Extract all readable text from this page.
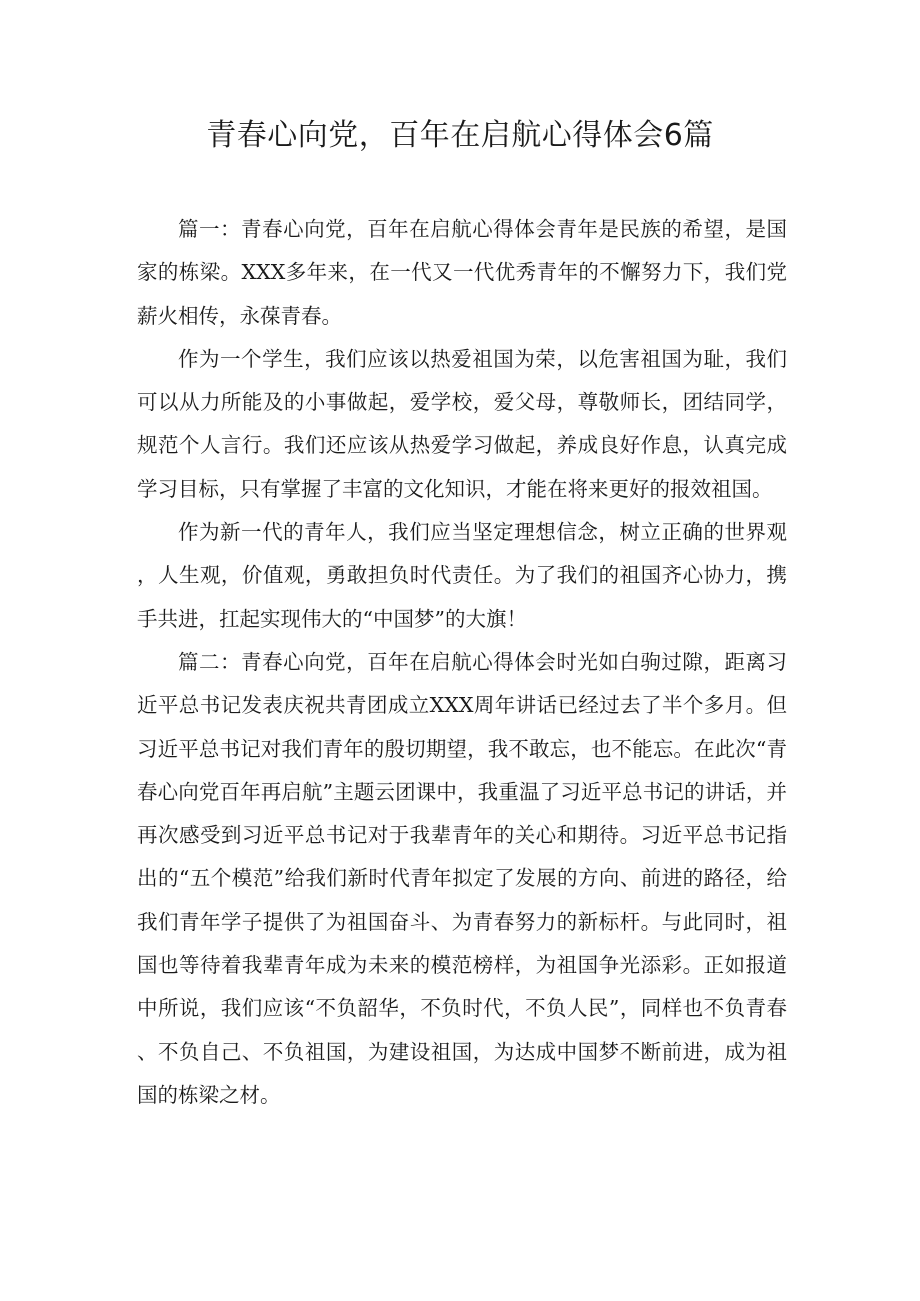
青春心向党，百年在启航心得体会6篇

篇一：青春心向党，百年在启航心得体会青年是民族的希望，是国家的栋梁。XXX多年来，在一代又一代优秀青年的不懈努力下，我们党薪火相传，永葆青春。

作为一个学生，我们应该以热爱祖国为荣，以危害祖国为耻，我们可以从力所能及的小事做起，爱学校，爱父母，尊敬师长，团结同学，规范个人言行。我们还应该从热爱学习做起，养成良好作息，认真完成学习目标，只有掌握了丰富的文化知识，才能在将来更好的报效祖国。

作为新一代的青年人，我们应当坚定理想信念，树立正确的世界观，人生观，价值观，勇敢担负时代责任。为了我们的祖国齐心协力，携手共进，扛起实现伟大的“中国梦”的大旗！

篇二：青春心向党，百年在启航心得体会时光如白驹过隙，距离习近平总书记发表庆祝共青团成立XXX周年讲话已经过去了半个多月。但习近平总书记对我们青年的殷切期望，我不敢忘，也不能忘。在此次“青春心向党百年再启航”主题云团课中，我重温了习近平总书记的讲话，并再次感受到习近平总书记对于我辈青年的关心和期待。习近平总书记指出的“五个模范”给我们新时代青年拟定了发展的方向、前进的路径，给我们青年学子提供了为祖国奋斗、为青春努力的新标杆。与此同时，祖国也等待着我辈青年成为未来的模范榜样，为祖国争光添彩。正如报道中所说，我们应该“不负韶华，不负时代，不负人民”，同样也不负青春、不负自己、不负祖国，为建设祖国，为达成中国梦不断前进，成为祖国的栋梁之材。
